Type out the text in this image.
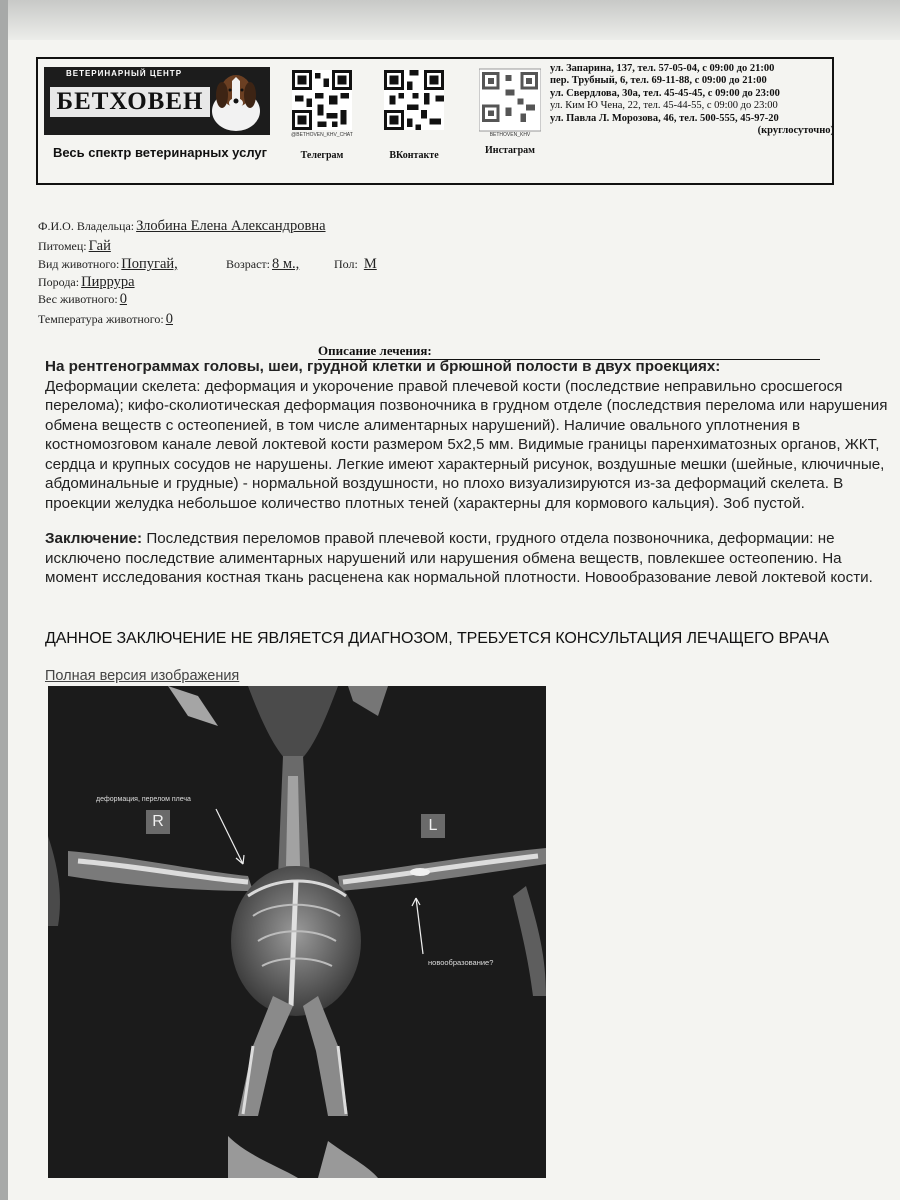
ВЕТЕРИНАРНЫЙ ЦЕНТР
БЕТХОВЕН
Весь спектр ветеринарных услуг
@BETHOVEN_KHV_CHAT
Телеграм	ВКонтакте
BETHOVEN_KHV
Инстаграм
ул. Запарина, 137, тел. 57-05-04, с 09:00 до 21:00
пер. Трубный, 6, тел. 69-11-88, с 09:00 до 21:00
ул. Свердлова, 30а, тел. 45-45-45, с 09:00 до 23:00
ул. Ким Ю Чена, 22, тел. 45-44-55, с 09:00 до 23:00
ул. Павла Л. Морозова, 46, тел. 500-555, 45-97-20
(круглосуточно)
Ф.И.О. Владельца: Злобина Елена Александровна
Питомец: Гай
Вид животного: Попугай,	Возраст: 8 м.,	Пол: М
Порода: Пиррура
Вес животного: 0
Температура животного: 0
Описание лечения:

На рентгенограммах головы, шеи, грудной клетки и брюшной полости в двух проекциях:

Деформации скелета: деформация и укорочение правой плечевой кости (последствие неправильно сросшегося перелома); кифо-сколиотическая деформация позвоночника в грудном отделе (последствия перелома или нарушения обмена веществ с остеопенией, в том числе алиментарных нарушений). Наличие овального уплотнения в костномозговом канале левой локтевой кости размером 5х2,5 мм. Видимые границы паренхиматозных органов, ЖКТ, сердца и крупных сосудов не нарушены. Легкие имеют характерный рисунок, воздушные мешки (шейные, ключичные, абдоминальные и грудные) - нормальной воздушности, но плохо визуализируются из-за деформаций скелета. В проекции желудка небольшое количество плотных теней (характерны для кормового кальция). Зоб пустой.

Заключение: Последствия переломов правой плечевой кости, грудного отдела позвоночника, деформации: не исключено последствие алиментарных нарушений или нарушения обмена веществ, повлекшее остеопению. На момент исследования костная ткань расценена как нормальной плотности. Новообразование левой локтевой кости.

ДАННОЕ ЗАКЛЮЧЕНИЕ НЕ ЯВЛЯЕТСЯ ДИАГНОЗОМ, ТРЕБУЕТСЯ КОНСУЛЬТАЦИЯ ЛЕЧАЩЕГО ВРАЧА
Полная версия изображения
R	L
деформация, перелом плеча
новообразование?
